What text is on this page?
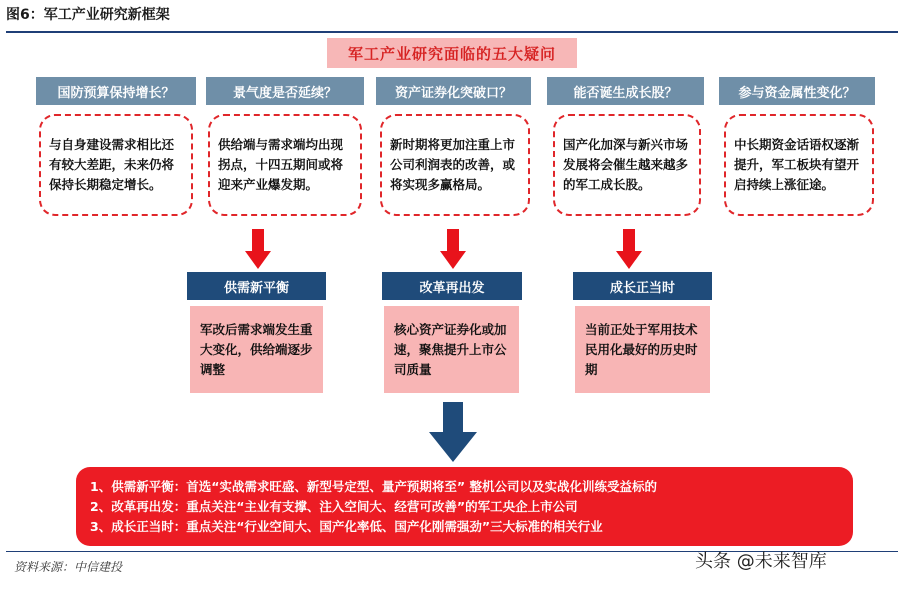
图6：军工产业研究新框架
军工产业研究面临的五大疑问
国防预算保持增长？	景气度是否延续？	资产证券化突破口？	能否诞生成长股？	参与资金属性变化？
与自身建设需求相比还有较大差距，未来仍将保持长期稳定增长。
供给端与需求端均出现拐点，十四五期间或将迎来产业爆发期。
新时期将更加注重上市公司利润表的改善，或将实现多赢格局。
国产化加深与新兴市场发展将会催生越来越多的军工成长股。
中长期资金话语权逐渐提升，军工板块有望开启持续上涨征途。
供需新平衡	改革再出发	成长正当时
军改后需求端发生重大变化，供给端逐步调整
核心资产证券化或加速，聚焦提升上市公司质量
当前正处于军用技术民用化最好的历史时期
1、供需新平衡：首选“实战需求旺盛、新型号定型、量产预期将至” 整机公司以及实战化训练受益标的
2、改革再出发：重点关注“主业有支撑、注入空间大、经营可改善”的军工央企上市公司
3、成长正当时：重点关注“行业空间大、国产化率低、国产化刚需强劲”三大标准的相关行业
资料来源：中信建投	头条 @未来智库
